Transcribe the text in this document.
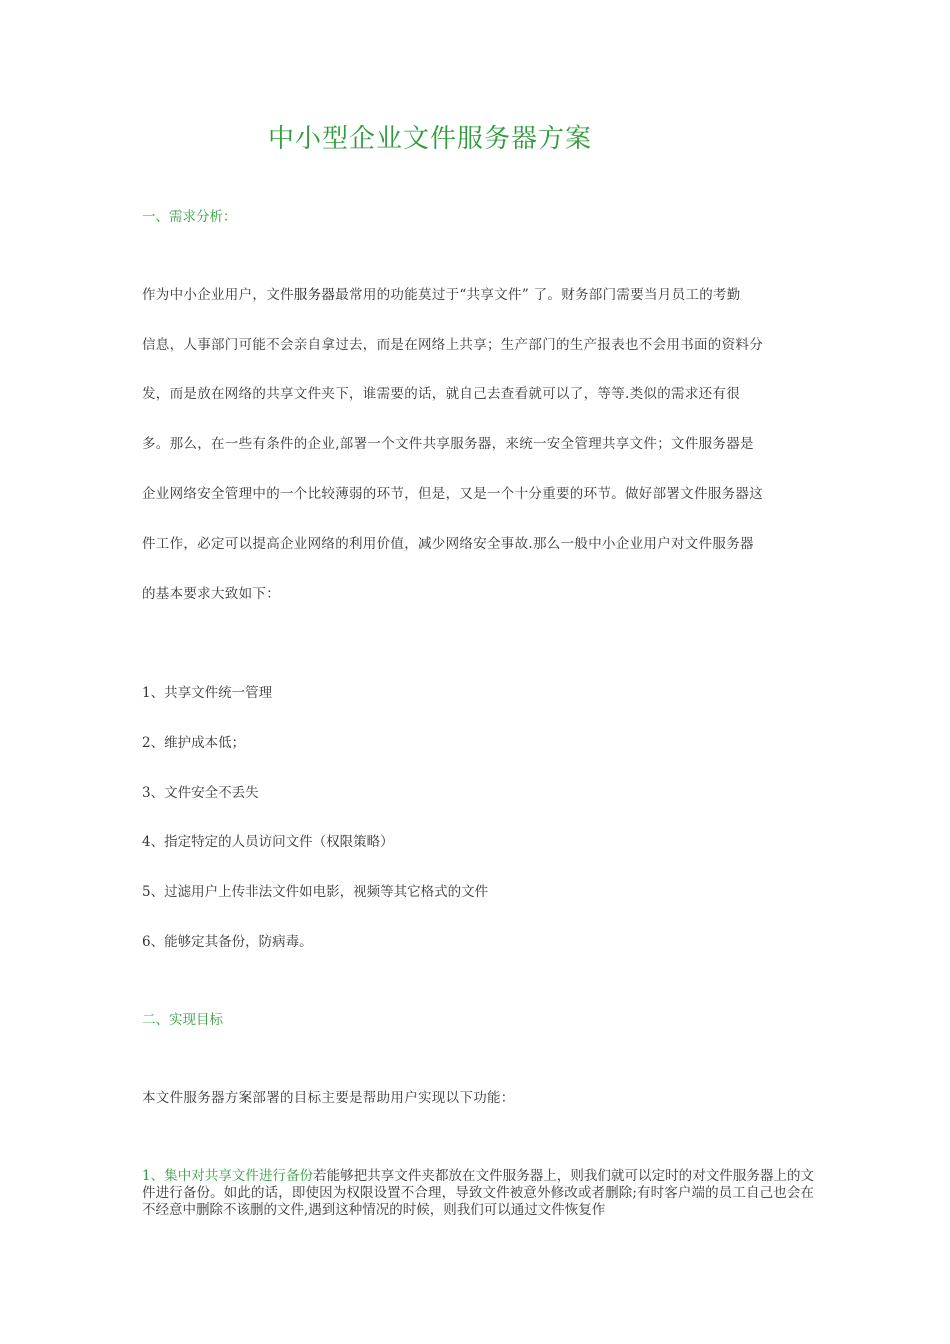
中小型企业文件服务器方案
一、需求分析：
作为中小企业用户，文件服务器最常用的功能莫过于“共享文件” 了。财务部门需要当月员工的考勤
信息，人事部门可能不会亲自拿过去，而是在网络上共享；生产部门的生产报表也不会用书面的资料分
发，而是放在网络的共享文件夹下，谁需要的话，就自己去查看就可以了，等等.类似的需求还有很
多。那么，在一些有条件的企业,部署一个文件共享服务器，来统一安全管理共享文件；文件服务器是
企业网络安全管理中的一个比较薄弱的环节，但是，又是一个十分重要的环节。做好部署文件服务器这
件工作，必定可以提高企业网络的利用价值，减少网络安全事故.那么一般中小企业用户对文件服务器
的基本要求大致如下：
1、共享文件统一管理
2、维护成本低；
3、文件安全不丢失
4、指定特定的人员访问文件（权限策略）
5、过滤用户上传非法文件如电影，视频等其它格式的文件
6、能够定其备份，防病毒。
二、实现目标
本文件服务器方案部署的目标主要是帮助用户实现以下功能：
1、集中对共享文件进行备份若能够把共享文件夹都放在文件服务器上，则我们就可以定时的对文件服务器上的文件进行备份。如此的话，即使因为权限设置不合理，导致文件被意外修改或者删除;有时客户端的员工自己也会在不经意中删除不该删的文件,遇到这种情况的时候，则我们可以通过文件恢复作
